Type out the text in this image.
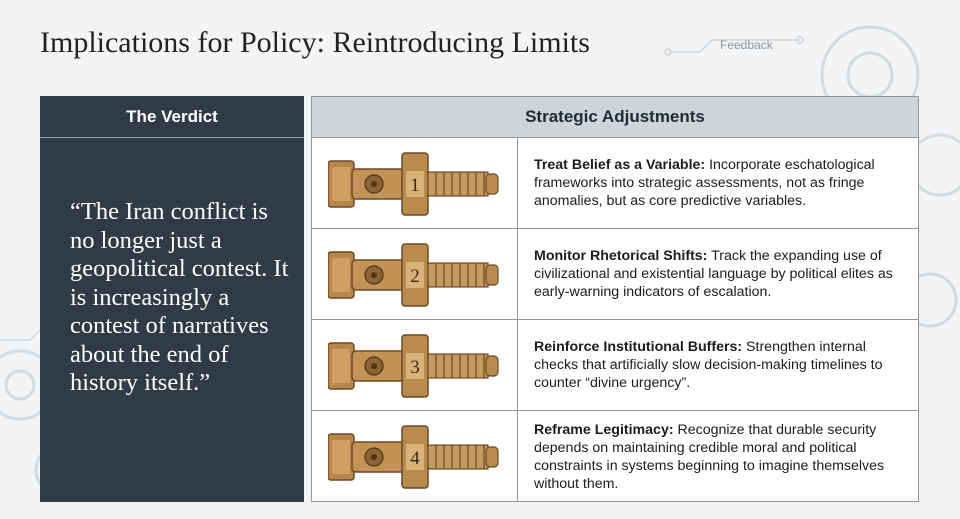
Implications for Policy: Reintroducing Limits	Feedback
The Verdict
“The Iran conflict is no longer just a geopolitical contest. It is increasingly a contest of narratives about the end of history itself.”
Strategic Adjustments
1
Treat Belief as a Variable: Incorporate eschatological frameworks into strategic assessments, not as fringe anomalies, but as core predictive variables.
2
Monitor Rhetorical Shifts: Track the expanding use of civilizational and existential language by political elites as early-warning indicators of escalation.
3
Reinforce Institutional Buffers: Strengthen internal checks that artificially slow decision-making timelines to counter “divine urgency”.
4
Reframe Legitimacy: Recognize that durable security depends on maintaining credible moral and political constraints in systems beginning to imagine themselves without them.
